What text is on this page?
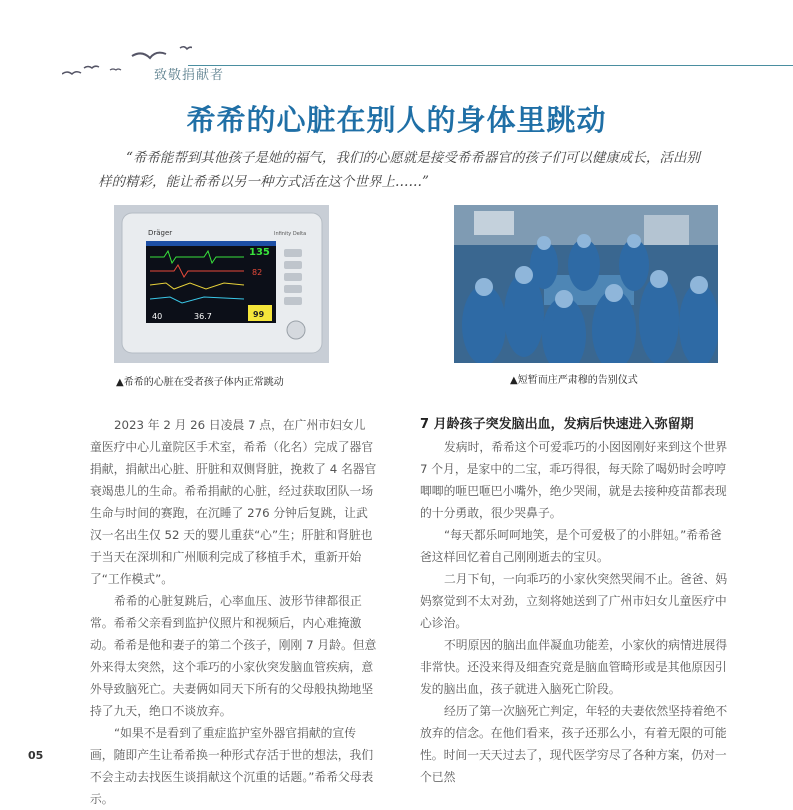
致敬捐献者
希希的心脏在别人的身体里跳动
“希希能帮到其他孩子是她的福气，我们的心愿就是接受希希器官的孩子们可以健康成长，活出别样的精彩，能让希希以另一种方式活在这个世界上……”
Dräger	Infinity Delta
135
82
99
40	36.7
▲希希的心脏在受者孩子体内正常跳动	▲短暂而庄严肃穆的告别仪式

2023 年 2 月 26 日凌晨 7 点，在广州市妇女儿童医疗中心儿童院区手术室，希希（化名）完成了器官捐献，捐献出心脏、肝脏和双侧肾脏，挽救了 4 名器官衰竭患儿的生命。希希捐献的心脏，经过获取团队一场生命与时间的赛跑，在沉睡了 276 分钟后复跳，让武汉一名出生仅 52 天的婴儿重获“心”生；肝脏和肾脏也于当天在深圳和广州顺利完成了移植手术，重新开始了“工作模式”。

希希的心脏复跳后，心率血压、波形节律都很正常。希希父亲看到监护仪照片和视频后，内心难掩激动。希希是他和妻子的第二个孩子，刚刚 7 月龄。但意外来得太突然，这个乖巧的小家伙突发脑血管疾病，意外导致脑死亡。夫妻俩如同天下所有的父母般执拗地坚持了九天，绝口不谈放弃。

“如果不是看到了重症监护室外器官捐献的宣传画，随即产生让希希换一种形式存活于世的想法，我们不会主动去找医生谈捐献这个沉重的话题。”希希父母表示。

7 月龄孩子突发脑出血，发病后快速进入弥留期

发病时，希希这个可爱乖巧的小囡囡刚好来到这个世界 7 个月，是家中的二宝，乖巧得很，每天除了喝奶时会哼哼唧唧的咂巴咂巴小嘴外，绝少哭闹，就是去接种疫苗都表现的十分勇敢，很少哭鼻子。

“每天都乐呵呵地笑，是个可爱极了的小胖妞。”希希爸爸这样回忆着自己刚刚逝去的宝贝。

二月下旬，一向乖巧的小家伙突然哭闹不止。爸爸、妈妈察觉到不太对劲，立刻将她送到了广州市妇女儿童医疗中心诊治。

不明原因的脑出血伴凝血功能差，小家伙的病情进展得非常快。还没来得及细查究竟是脑血管畸形或是其他原因引发的脑出血，孩子就进入脑死亡阶段。

经历了第一次脑死亡判定，年轻的夫妻依然坚持着绝不放弃的信念。在他们看来，孩子还那么小，有着无限的可能性。时间一天天过去了，现代医学穷尽了各种方案，仍对一个已然

05
